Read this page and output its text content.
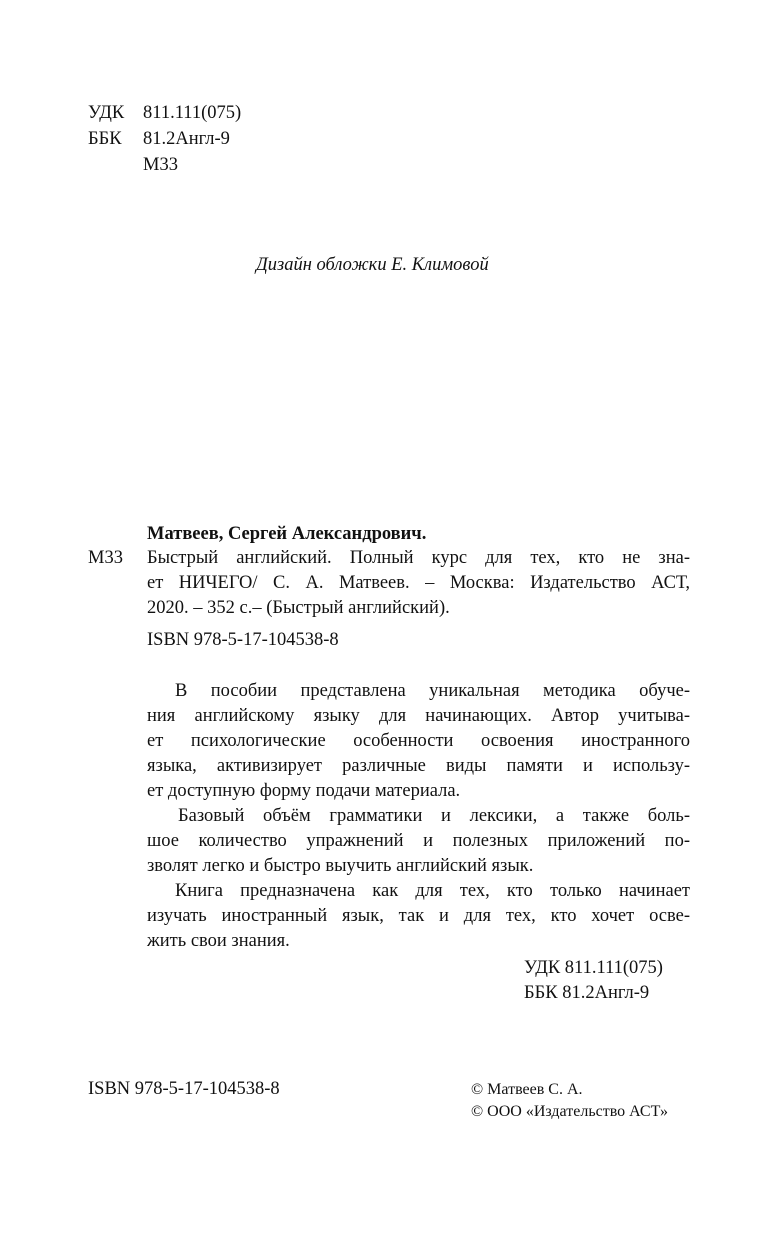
УДК 811.111(075)
ББК 81.2Англ-9
М33
Дизайн обложки Е. Климовой
Матвеев, Сергей Александрович.
М33 Быстрый английский. Полный курс для тех, кто не зна-
ет НИЧЕГО/ С. А. Матвеев. – Москва: Издательство АСТ,
2020. – 352 с.– (Быстрый английский).
ISBN 978-5-17-104538-8
В пособии представлена уникальная методика обуче-
ния английскому языку для начинающих. Автор учитыва-
ет психологические особенности освоения иностранного
языка, активизирует различные виды памяти и использу-
ет доступную форму подачи материала.
Базовый объём грамматики и лексики, а также боль-
шое количество упражнений и полезных приложений по-
зволят легко и быстро выучить английский язык.
Книга предназначена как для тех, кто только начинает
изучать иностранный язык, так и для тех, кто хочет осве-
жить свои знания.
УДК 811.111(075)
ББК 81.2Англ-9
ISBN 978-5-17-104538-8	© Матвеев С. А.
© ООО «Издательство АСТ»
